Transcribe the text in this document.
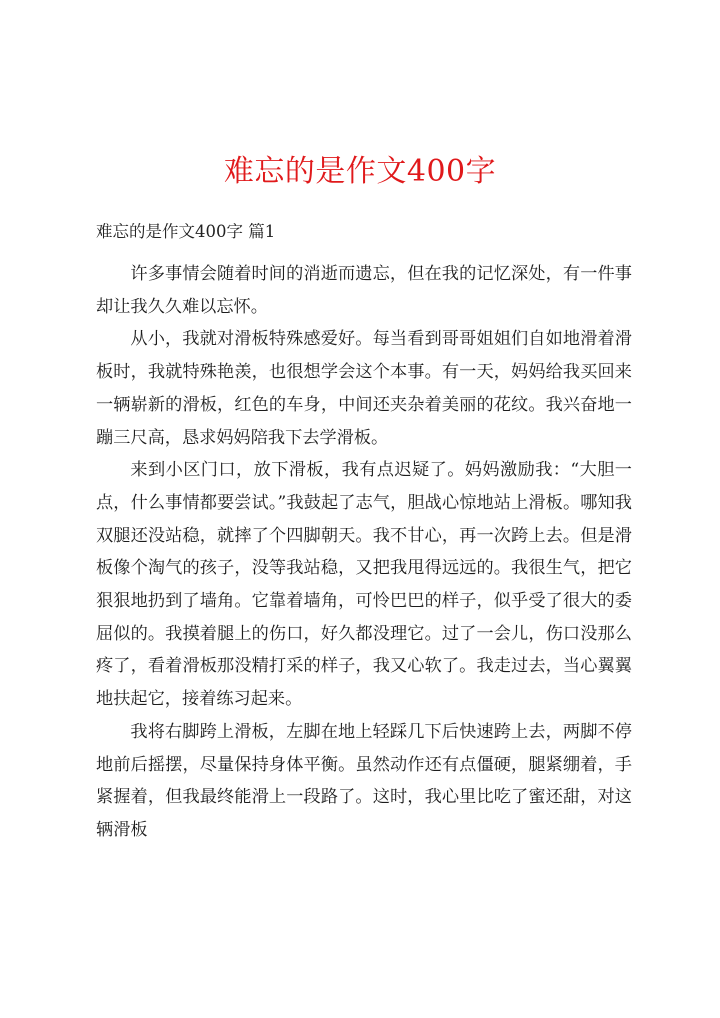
难忘的是作文400字
难忘的是作文400字 篇1

许多事情会随着时间的消逝而遗忘，但在我的记忆深处，有一件事却让我久久难以忘怀。

从小，我就对滑板特殊感爱好。每当看到哥哥姐姐们自如地滑着滑板时，我就特殊艳羡，也很想学会这个本事。有一天，妈妈给我买回来一辆崭新的滑板，红色的车身，中间还夹杂着美丽的花纹。我兴奋地一蹦三尺高，恳求妈妈陪我下去学滑板。

来到小区门口，放下滑板，我有点迟疑了。妈妈激励我：“大胆一点，什么事情都要尝试。”我鼓起了志气，胆战心惊地站上滑板。哪知我双腿还没站稳，就摔了个四脚朝天。我不甘心，再一次跨上去。但是滑板像个淘气的孩子，没等我站稳，又把我甩得远远的。我很生气，把它狠狠地扔到了墙角。它靠着墙角，可怜巴巴的样子，似乎受了很大的委屈似的。我摸着腿上的伤口，好久都没理它。过了一会儿，伤口没那么疼了，看着滑板那没精打采的样子，我又心软了。我走过去，当心翼翼地扶起它，接着练习起来。

我将右脚跨上滑板，左脚在地上轻踩几下后快速跨上去，两脚不停地前后摇摆，尽量保持身体平衡。虽然动作还有点僵硬，腿紧绷着，手紧握着，但我最终能滑上一段路了。这时，我心里比吃了蜜还甜，对这辆滑板
